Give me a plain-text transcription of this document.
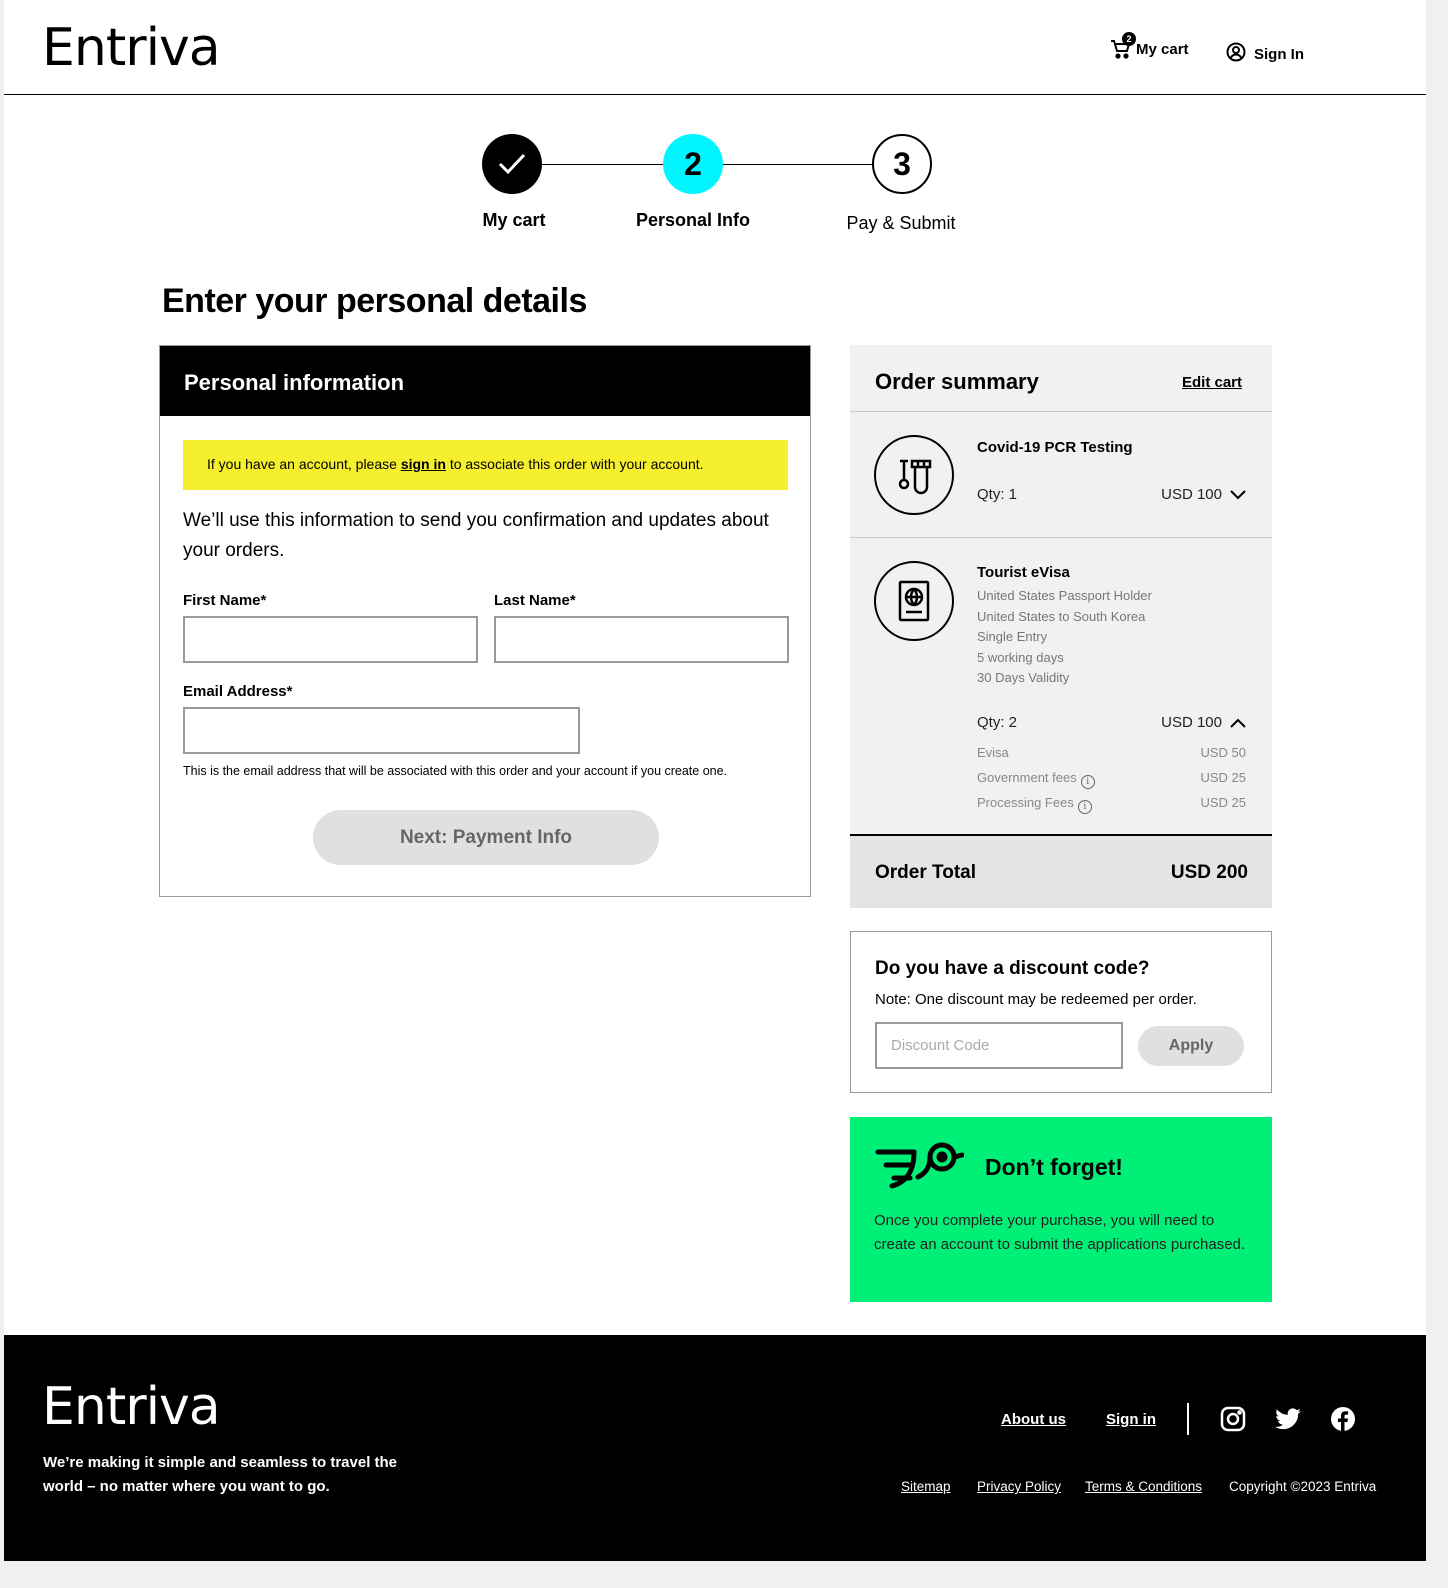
Entriva	2
My cart	Sign In
2	3
My cart	Personal Info	Pay & Submit
Enter your personal details
Personal information
If you have an account, please sign in to associate this order with your account.
We’ll use this information to send you confirmation and updates about your orders.
First Name*	Last Name*
Email Address*
This is the email address that will be associated with this order and your account if you create one.
Next: Payment Info
Order summary	Edit cart
Covid-19 PCR Testing
Qty: 1	USD 100
Tourist eVisa
United States Passport Holder
United States to South Korea
Single Entry
5 working days
30 Days Validity
Qty: 2	USD 100
Evisa	USD 50
Government fees i	USD 25
Processing Fees i	USD 25
Order Total	USD 200
Do you have a discount code?
Note: One discount may be redeemed per order.
Discount Code
Apply
Don’t forget!
Once you complete your purchase, you will need to create an account to submit the applications purchased.
Entriva
We’re making it simple and seamless to travel the world – no matter where you want to go.
About us	Sign in
Sitemap Privacy Policy Terms & Conditions Copyright ©2023 Entriva
